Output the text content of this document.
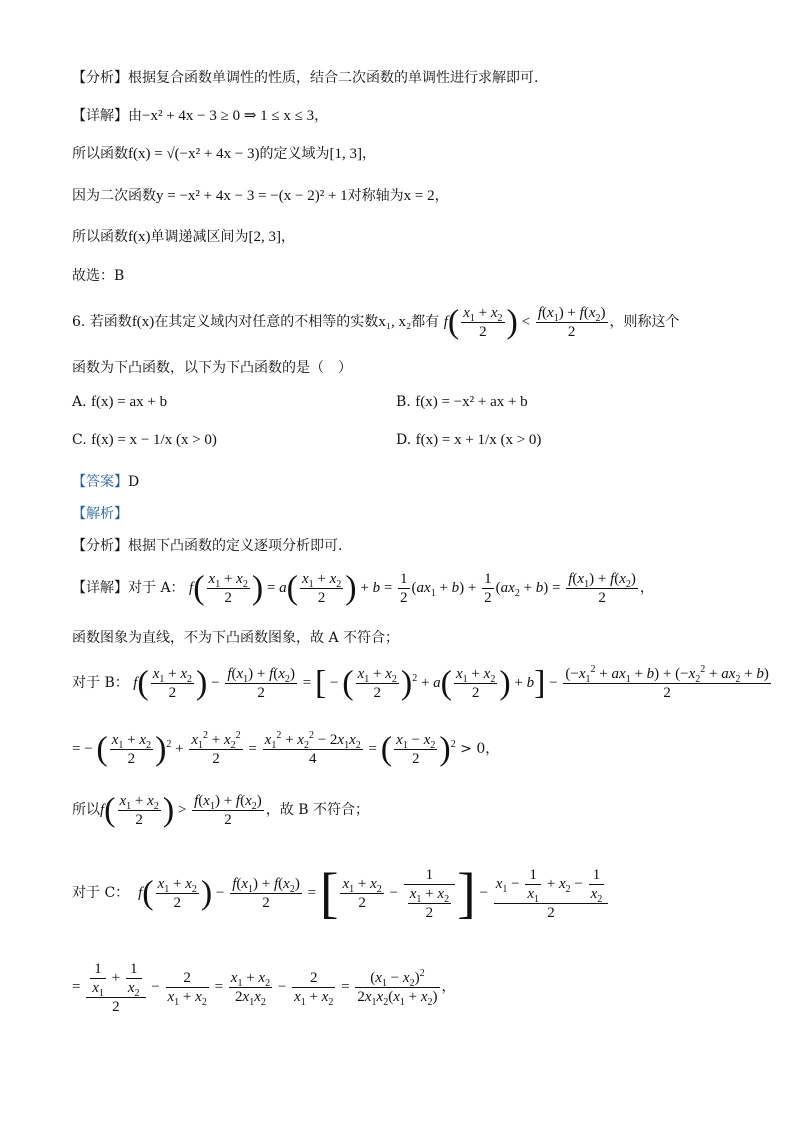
【分析】根据复合函数单调性的性质，结合二次函数的单调性进行求解即可.
【详解】由−x² + 4x − 3 ≥ 0 ⇒ 1 ≤ x ≤ 3，
所以函数f(x) = √(−x² + 4x − 3)的定义域为[1, 3]，
因为二次函数y = −x² + 4x − 3 = −(x − 2)² + 1对称轴为x = 2，
所以函数f(x)单调递减区间为[2, 3]，
故选：B
6. 若函数f(x)在其定义域内对任意的不相等的实数x₁, x₂都有 $f( \frac{x_1 + x_2}{2}$ ) < $\frac{f(x_1) + f(x_2)}{2}$ ，则称这个
函数为下凸函数，以下为下凸函数的是（　）
A. f(x) = ax + b	B. f(x) = −x² + ax + b
C. f(x) = x − 1/x (x > 0)	D. f(x) = x + 1/x (x > 0)
【答案】D
【解析】
【分析】根据下凸函数的定义逐项分析即可.
【详解】对于 A： $f( \frac{x_1 + x_2}{2}$ ) = $a( \frac{x_1 + x_2}{2}$ ) + $b = \frac{1}{2} (ax_1 + b) + \frac{1}{2} (ax_2 + b) = \frac{f(x_1) + f(x_2)}{2}$ ，
函数图象为直线，不为下凸函数图象，故 A 不符合；
对于 B： $f( \frac{x_1 + x_2}{2}$ ) − $\frac{f(x_1) + f(x_2)}{2}$ = [ − ( $\frac{x_1 + x_2}{2} )^2 + a( \frac{x_1 + x_2}{2}$ ) + $b] - \frac{(-x_1^2 + ax_1 + b) + (-x_2^2 + ax_2 + b)}{2}$
= − ( $\frac{x_1 + x_2}{2} )^2 + \frac{x_1^2 + x_2^2}{2} = \frac{x_1^2 + x_2^2 - 2x_1x_2}{4}$ = ( $\frac{x_1 - x_2}{2} )^2 > 0$，
所以$f( \frac{x_1 + x_2}{2}$ ) > $\frac{f(x_1) + f(x_2)}{2}$ ，故 B 不符合；
对于 C： $f( \frac{x_1 + x_2}{2}$ ) − $\frac{f(x_1) + f(x_2)}{2}$ = [ $\frac{x_1 + x_2}{2} - \frac{1}{\frac{x_1 + x_2}{2}}$ ] − $\frac{x_1 - \frac{1}{x_1} + x_2 - \frac{1}{x_2}}{2}$
= $\frac{\frac{1}{x_1} + \frac{1}{x_2}}{2} - \frac{2}{x_1 + x_2} = \frac{x_1 + x_2}{2x_1x_2} - \frac{2}{x_1 + x_2} = \frac{(x_1 - x_2)^2}{2x_1x_2(x_1 + x_2)}$ ，
